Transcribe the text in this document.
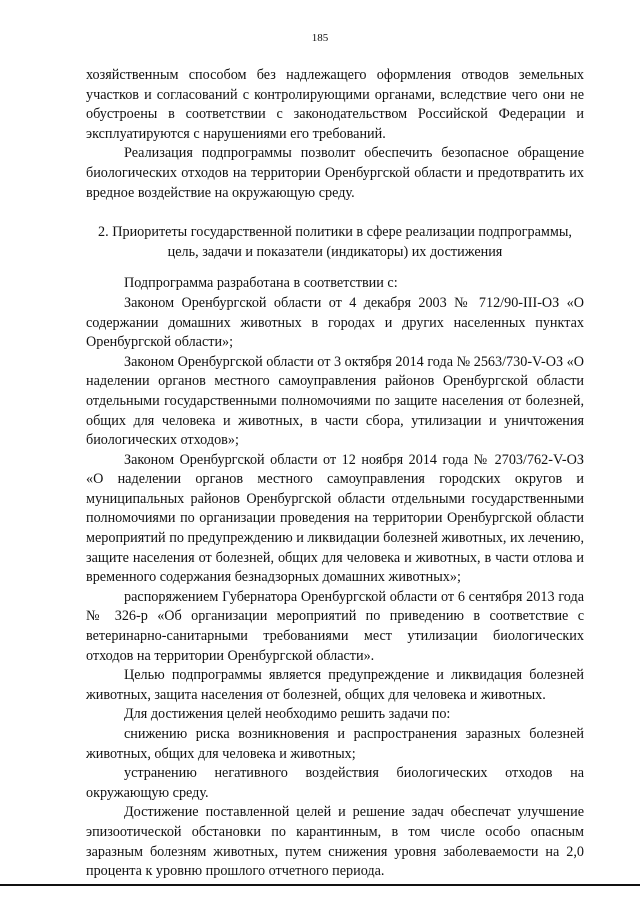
185

хозяйственным способом без надлежащего оформления отводов земельных участков и согласований с контролирующими органами, вследствие чего они не обустроены в соответствии с законодательством Российской Федерации и эксплуатируются с нарушениями его требований.

Реализация подпрограммы позволит обеспечить безопасное обращение биологических отходов на территории Оренбургской области и предотвратить их вредное воздействие на окружающую среду.

2. Приоритеты государственной политики в сфере реализации подпрограммы, цель, задачи и показатели (индикаторы) их достижения

Подпрограмма разработана в соответствии с:

Законом Оренбургской области от 4 декабря 2003 № 712/90-III-ОЗ «О содержании домашних животных в городах и других населенных пунктах Оренбургской области»;

Законом Оренбургской области от 3 октября 2014 года № 2563/730-V-ОЗ «О наделении органов местного самоуправления районов Оренбургской области отдельными государственными полномочиями по защите населения от болезней, общих для человека и животных, в части сбора, утилизации и уничтожения биологических отходов»;

Законом Оренбургской области от 12 ноября 2014 года № 2703/762-V-ОЗ «О наделении органов местного самоуправления городских округов и муниципальных районов Оренбургской области отдельными государственными полномочиями по организации проведения на территории Оренбургской области мероприятий по предупреждению и ликвидации болезней животных, их лечению, защите населения от болезней, общих для человека и животных, в части отлова и временного содержания безнадзорных домашних животных»;

распоряжением Губернатора Оренбургской области от 6 сентября 2013 года № 326-р «Об организации мероприятий по приведению в соответствие с ветеринарно-санитарными требованиями мест утилизации биологических отходов на территории Оренбургской области».

Целью подпрограммы является предупреждение и ликвидация болезней животных, защита населения от болезней, общих для человека и животных.

Для достижения целей необходимо решить задачи по:

снижению риска возникновения и распространения заразных болезней животных, общих для человека и животных;

устранению негативного воздействия биологических отходов на окружающую среду.

Достижение поставленной целей и решение задач обеспечат улучшение эпизоотической обстановки по карантинным, в том числе особо опасным заразным болезням животных, путем снижения уровня заболеваемости на 2,0 процента к уровню прошлого отчетного периода.
